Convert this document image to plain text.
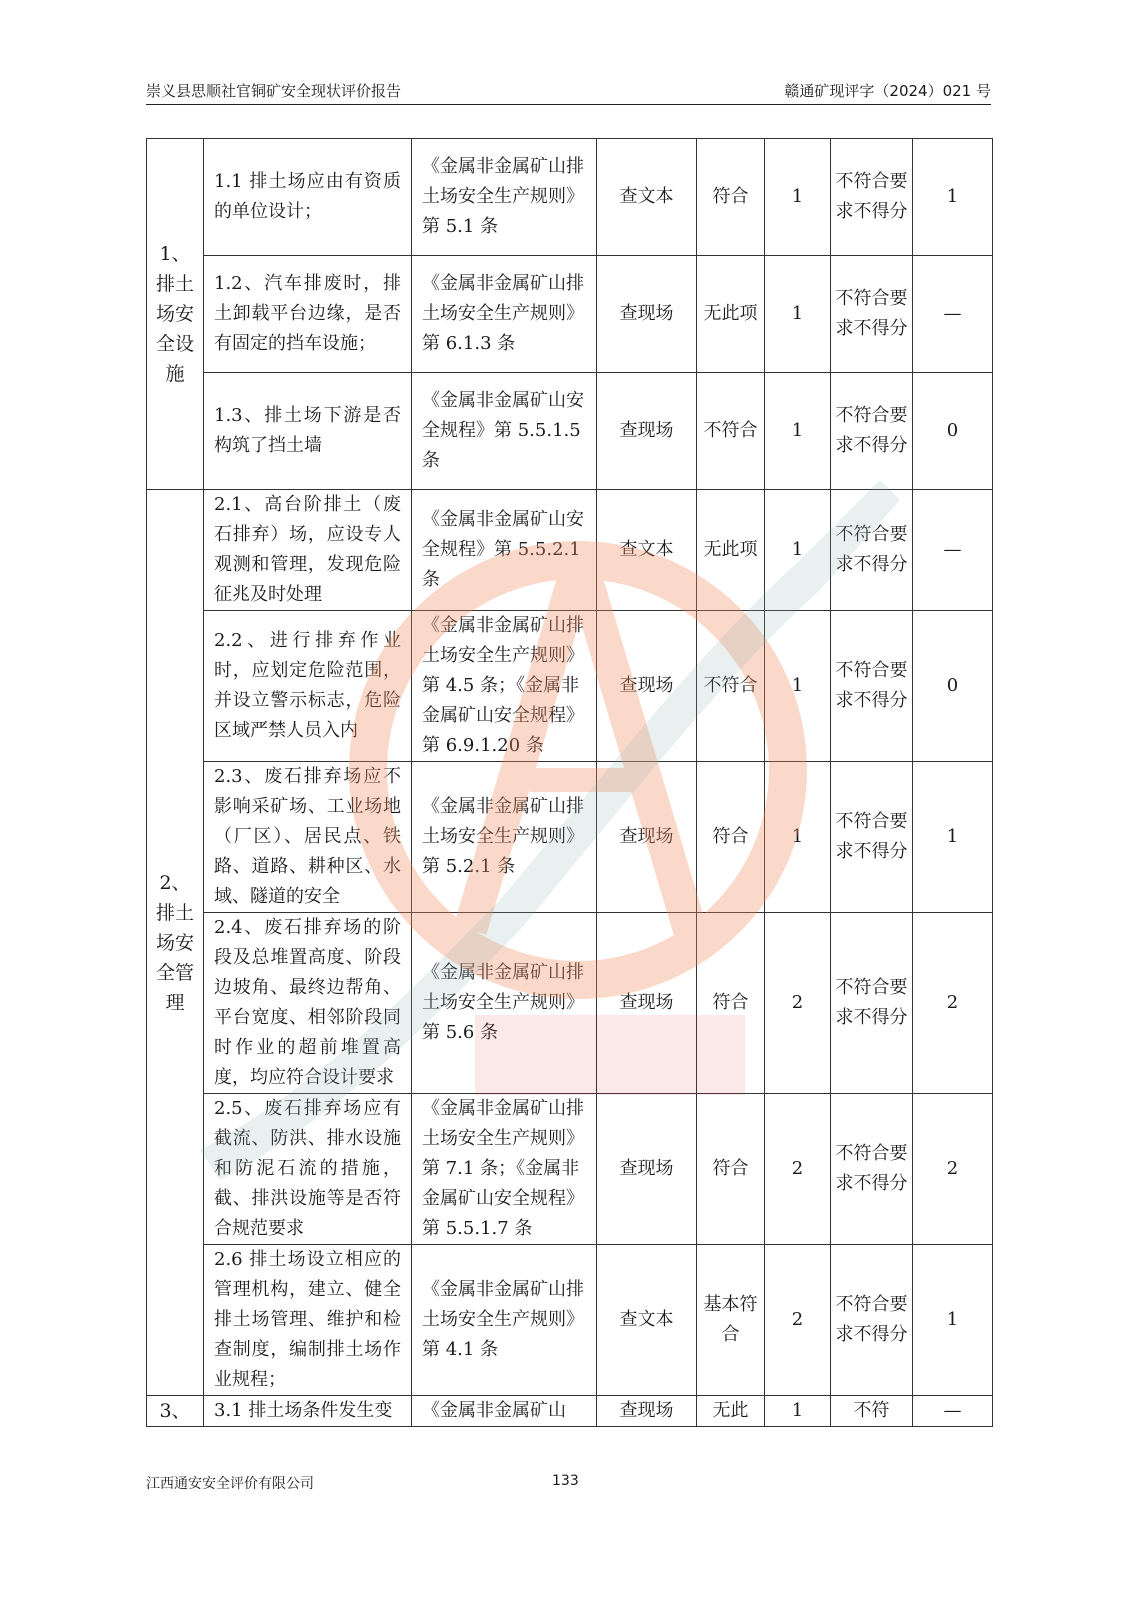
崇义县思顺社官铜矿安全现状评价报告	赣通矿现评字（2024）021 号
1、排土场安全设施	1.1 排土场应由有资质的单位设计；	《金属非金属矿山排土场安全生产规则》第 5.1 条	查文本	符合	1	不符合要求不得分	1
	1.2、汽车排废时，排土卸载平台边缘，是否有固定的挡车设施；	《金属非金属矿山排土场安全生产规则》第 6.1.3 条	查现场	无此项	1	不符合要求不得分	—
	1.3、排土场下游是否构筑了挡土墙	《金属非金属矿山安全规程》第 5.5.1.5 条	查现场	不符合	1	不符合要求不得分	0
2、排土场安全管理	2.1、高台阶排土（废石排弃）场，应设专人观测和管理，发现危险征兆及时处理	《金属非金属矿山安全规程》第 5.5.2.1 条	查文本	无此项	1	不符合要求不得分	—
	2.2、进行排弃作业时，应划定危险范围，并设立警示标志，危险区域严禁人员入内	《金属非金属矿山排土场安全生产规则》第 4.5 条；《金属非金属矿山安全规程》第 6.9.1.20 条	查现场	不符合	1	不符合要求不得分	0
	2.3、废石排弃场应不影响采矿场、工业场地（厂区）、居民点、铁路、道路、耕种区、水域、隧道的安全	《金属非金属矿山排土场安全生产规则》第 5.2.1 条	查现场	符合	1	不符合要求不得分	1
	2.4、废石排弃场的阶段及总堆置高度、阶段边坡角、最终边帮角、平台宽度、相邻阶段同时作业的超前堆置高度，均应符合设计要求	《金属非金属矿山排土场安全生产规则》第 5.6 条	查现场	符合	2	不符合要求不得分	2
	2.5、废石排弃场应有截流、防洪、排水设施和防泥石流的措施，截、排洪设施等是否符合规范要求	《金属非金属矿山排土场安全生产规则》第 7.1 条；《金属非金属矿山安全规程》第 5.5.1.7 条	查现场	符合	2	不符合要求不得分	2
	2.6 排土场设立相应的管理机构，建立、健全排土场管理、维护和检查制度，编制排土场作业规程；	《金属非金属矿山排土场安全生产规则》第 4.1 条	查文本	基本符合	2	不符合要求不得分	1
3、	3.1 排土场条件发生变	《金属非金属矿山	查现场	无此	1	不符	—
江西通安安全评价有限公司	133
